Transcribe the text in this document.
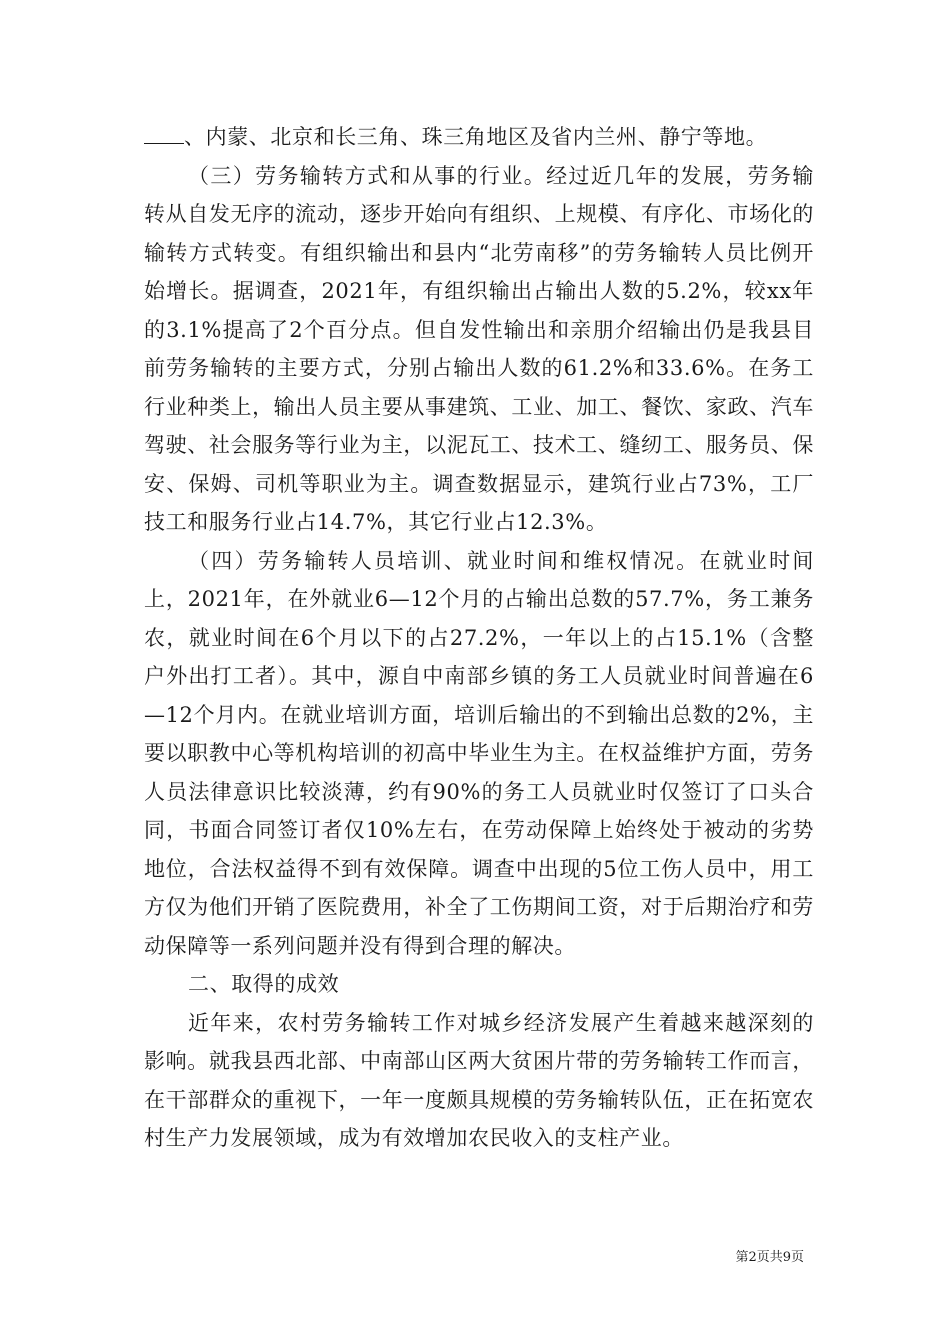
、内蒙、北京和长三角、珠三角地区及省内兰州、静宁等地。

（三）劳务输转方式和从事的行业。经过近几年的发展，劳务输转从自发无序的流动，逐步开始向有组织、上规模、有序化、市场化的输转方式转变。有组织输出和县内“北劳南移”的劳务输转人员比例开始增长。据调查，2021年，有组织输出占输出人数的5.2%，较xx年的3.1%提高了2个百分点。但自发性输出和亲朋介绍输出仍是我县目前劳务输转的主要方式，分别占输出人数的61.2%和33.6%。在务工行业种类上，输出人员主要从事建筑、工业、加工、餐饮、家政、汽车驾驶、社会服务等行业为主，以泥瓦工、技术工、缝纫工、服务员、保安、保姆、司机等职业为主。调查数据显示，建筑行业占73%，工厂技工和服务行业占14.7%，其它行业占12.3%。

（四）劳务输转人员培训、就业时间和维权情况。在就业时间上，2021年，在外就业6—12个月的占输出总数的57.7%，务工兼务农，就业时间在6个月以下的占27.2%，一年以上的占15.1%（含整户外出打工者）。其中，源自中南部乡镇的务工人员就业时间普遍在6—12个月内。在就业培训方面，培训后输出的不到输出总数的2%，主要以职教中心等机构培训的初高中毕业生为主。在权益维护方面，劳务人员法律意识比较淡薄，约有90%的务工人员就业时仅签订了口头合同，书面合同签订者仅10%左右，在劳动保障上始终处于被动的劣势地位，合法权益得不到有效保障。调查中出现的5位工伤人员中，用工方仅为他们开销了医院费用，补全了工伤期间工资，对于后期治疗和劳动保障等一系列问题并没有得到合理的解决。

二、取得的成效

近年来，农村劳务输转工作对城乡经济发展产生着越来越深刻的影响。就我县西北部、中南部山区两大贫困片带的劳务输转工作而言，在干部群众的重视下，一年一度颇具规模的劳务输转队伍，正在拓宽农村生产力发展领域，成为有效增加农民收入的支柱产业。

第2页共9页
